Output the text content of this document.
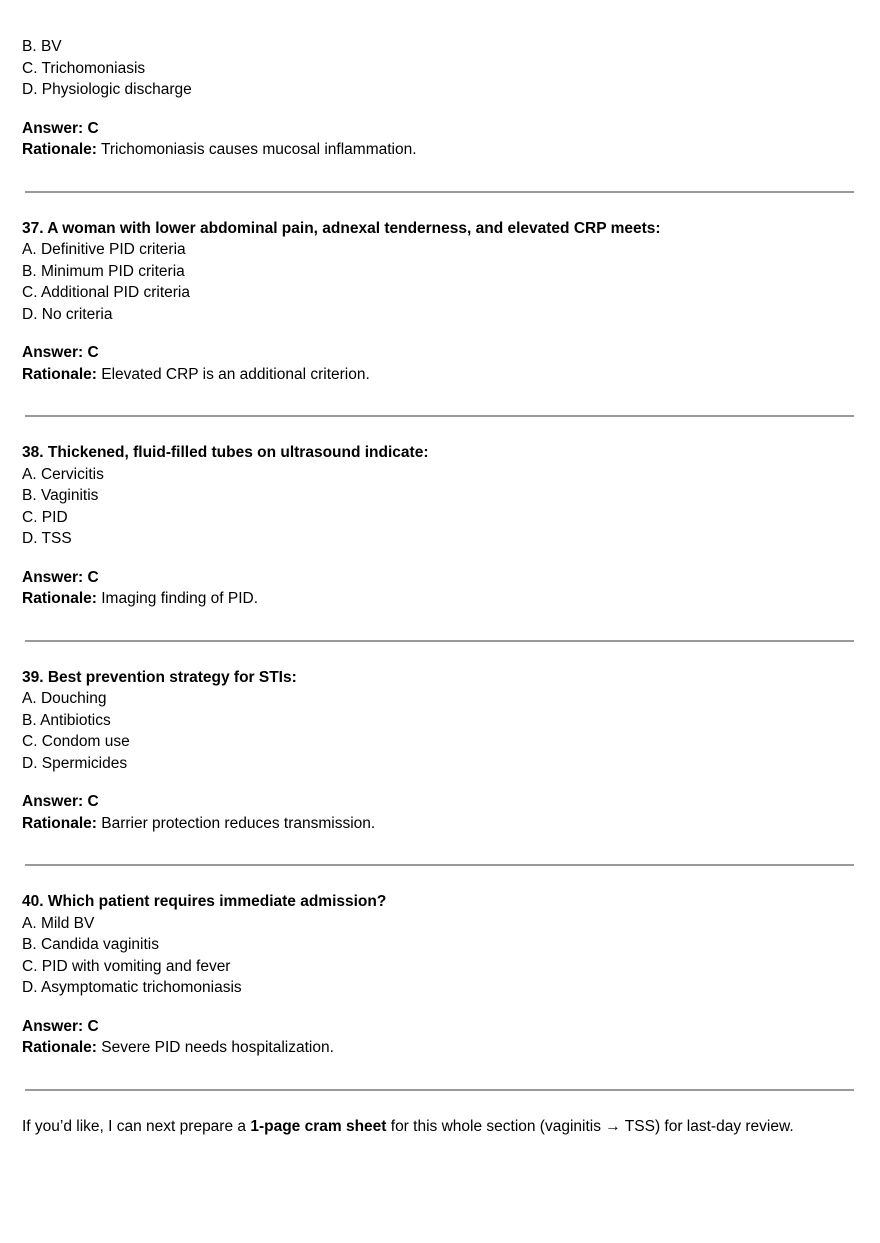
B. BV
C. Trichomoniasis
D. Physiologic discharge
Answer: C
Rationale: Trichomoniasis causes mucosal inflammation.
37. A woman with lower abdominal pain, adnexal tenderness, and elevated CRP meets:
A. Definitive PID criteria
B. Minimum PID criteria
C. Additional PID criteria
D. No criteria
Answer: C
Rationale: Elevated CRP is an additional criterion.
38. Thickened, fluid-filled tubes on ultrasound indicate:
A. Cervicitis
B. Vaginitis
C. PID
D. TSS
Answer: C
Rationale: Imaging finding of PID.
39. Best prevention strategy for STIs:
A. Douching
B. Antibiotics
C. Condom use
D. Spermicides
Answer: C
Rationale: Barrier protection reduces transmission.
40. Which patient requires immediate admission?
A. Mild BV
B. Candida vaginitis
C. PID with vomiting and fever
D. Asymptomatic trichomoniasis
Answer: C
Rationale: Severe PID needs hospitalization.
If you’d like, I can next prepare a 1-page cram sheet for this whole section (vaginitis → TSS) for last-day review.
